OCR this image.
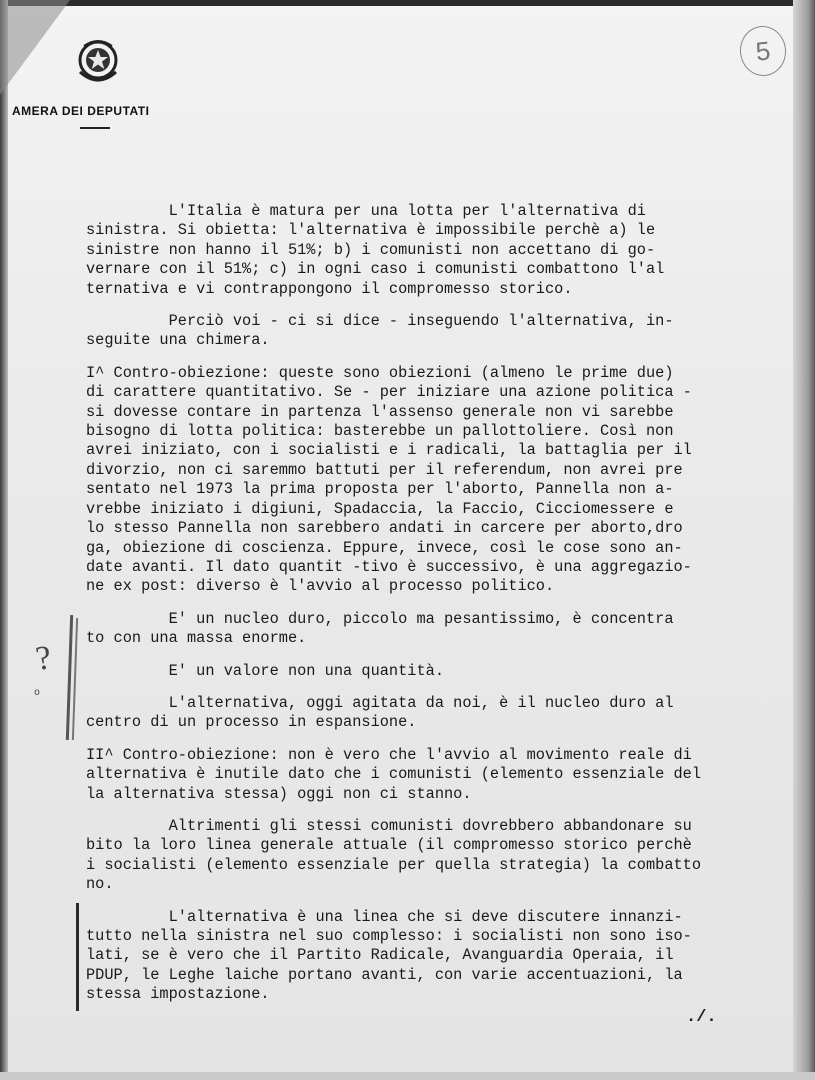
AMERA DEI DEPUTATI
5
?
o

L'Italia è matura per una lotta per l'alternativa di

sinistra. Si obietta: l'alternativa è impossibile perchè a) le

sinistre non hanno il 51%; b) i comunisti non accettano di go-

vernare con il 51%; c) in ogni caso i comunisti combattono l'al

ternativa e vi contrappongono il compromesso storico.

Perciò voi - ci si dice - inseguendo l'alternativa, in-

seguite una chimera.

I^ Contro-obiezione: queste sono obiezioni (almeno le prime due)

di carattere quantitativo. Se - per iniziare una azione politica -

si dovesse contare in partenza l'assenso generale non vi sarebbe

bisogno di lotta politica: basterebbe un pallottoliere. Così non

avrei iniziato, con i socialisti e i radicali, la battaglia per il

divorzio, non ci saremmo battuti per il referendum, non avrei pre

sentato nel 1973 la prima proposta per l'aborto, Pannella non a-

vrebbe iniziato i digiuni, Spadaccia, la Faccio, Cicciomessere e

lo stesso Pannella non sarebbero andati in carcere per aborto,dro

ga, obiezione di coscienza. Eppure, invece, così le cose sono an-

date avanti. Il dato quantit -tivo è successivo, è una aggregazio-

ne ex post: diverso è l'avvio al processo politico.

E' un nucleo duro, piccolo ma pesantissimo, è concentra

to con una massa enorme.

E' un valore non una quantità.

L'alternativa, oggi agitata da noi, è il nucleo duro al

centro di un processo in espansione.

II^ Contro-obiezione: non è vero che l'avvio al movimento reale di

alternativa è inutile dato che i comunisti (elemento essenziale del

la alternativa stessa) oggi non ci stanno.

Altrimenti gli stessi comunisti dovrebbero abbandonare su

bito la loro linea generale attuale (il compromesso storico perchè

i socialisti (elemento essenziale per quella strategia) la combatto

no.

L'alternativa è una linea che si deve discutere innanzi-

tutto nella sinistra nel suo complesso: i socialisti non sono iso-

lati, se è vero che il Partito Radicale, Avanguardia Operaia, il

PDUP, le Leghe laiche portano avanti, con varie accentuazioni, la

stessa impostazione.

./.
